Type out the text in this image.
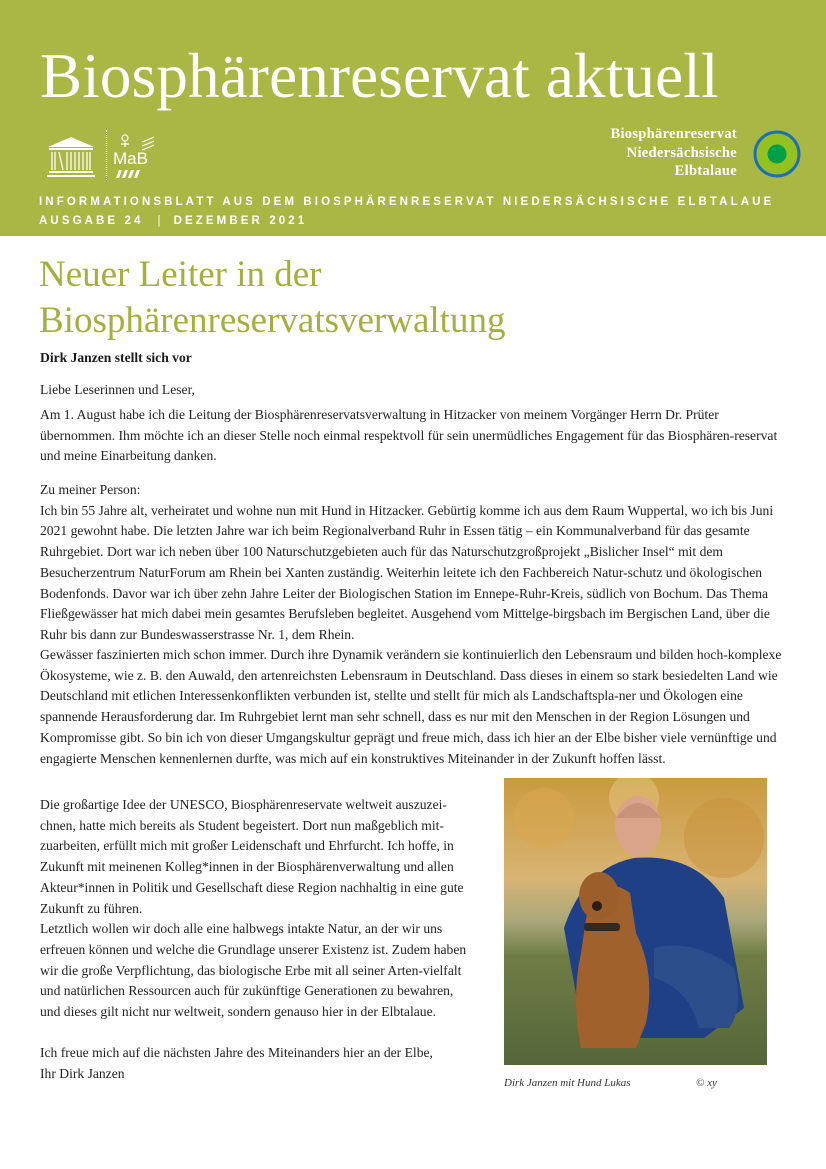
Biosphärenreservat aktuell
MaB
Biosphärenreservat
Niedersächsische
Elbtalaue
INFORMATIONSBLATT AUS DEM BIOSPHÄRENRESERVAT NIEDERSÄCHSISCHE ELBTALAUE
AUSGABE 24 | DEZEMBER 2021
Neuer Leiter in der
Biosphärenreservatsverwaltung

Dirk Janzen stellt sich vor

Liebe Leserinnen und Leser,

Am 1. August habe ich die Leitung der Biosphärenreservatsverwaltung in Hitzacker von meinem Vorgänger Herrn Dr. Prüter übernommen. Ihm möchte ich an dieser Stelle noch einmal respektvoll für sein unermüdliches Engagement für das Biosphären-reservat und meine Einarbeitung danken.

Zu meiner Person:
Ich bin 55 Jahre alt, verheiratet und wohne nun mit Hund in Hitzacker. Gebürtig komme ich aus dem Raum Wuppertal, wo ich bis Juni 2021 gewohnt habe. Die letzten Jahre war ich beim Regionalverband Ruhr in Essen tätig – ein Kommunalverband für das gesamte Ruhrgebiet. Dort war ich neben über 100 Naturschutzgebieten auch für das Naturschutzgroßprojekt „Bislicher Insel“ mit dem Besucherzentrum NaturForum am Rhein bei Xanten zuständig. Weiterhin leitete ich den Fachbereich Natur-schutz und ökologischen Bodenfonds. Davor war ich über zehn Jahre Leiter der Biologischen Station im Ennepe-Ruhr-Kreis, südlich von Bochum. Das Thema Fließgewässer hat mich dabei mein gesamtes Berufsleben begleitet. Ausgehend vom Mittelge-birgsbach im Bergischen Land, über die Ruhr bis dann zur Bundeswasserstrasse Nr. 1, dem Rhein.

Gewässer faszinierten mich schon immer. Durch ihre Dynamik verändern sie kontinuierlich den Lebensraum und bilden hoch-komplexe Ökosysteme, wie z. B. den Auwald, den artenreichsten Lebensraum in Deutschland. Dass dieses in einem so stark besiedelten Land wie Deutschland mit etlichen Interessenkonflikten verbunden ist, stellte und stellt für mich als Landschaftspla-ner und Ökologen eine spannende Herausforderung dar. Im Ruhrgebiet lernt man sehr schnell, dass es nur mit den Menschen in der Region Lösungen und Kompromisse gibt. So bin ich von dieser Umgangskultur geprägt und freue mich, dass ich hier an der Elbe bisher viele vernünftige und engagierte Menschen kennenlernen durfte, was mich auf ein konstruktives Miteinander in der Zukunft hoffen lässt.

Die großartige Idee der UNESCO, Biosphärenreservate weltweit auszuzei-chnen, hatte mich bereits als Student begeistert. Dort nun maßgeblich mit-zuarbeiten, erfüllt mich mit großer Leidenschaft und Ehrfurcht. Ich hoffe, in Zukunft mit meinenen Kolleg*innen in der Biosphärenverwaltung und allen Akteur*innen in Politik und Gesellschaft diese Region nachhaltig in eine gute Zukunft zu führen.
Letztlich wollen wir doch alle eine halbwegs intakte Natur, an der wir uns erfreuen können und welche die Grundlage unserer Existenz ist. Zudem haben wir die große Verpflichtung, das biologische Erbe mit all seiner Arten-vielfalt und natürlichen Ressourcen auch für zukünftige Generationen zu bewahren, und dieses gilt nicht nur weltweit, sondern genauso hier in der Elbtalaue.
Ich freue mich auf die nächsten Jahre des Miteinanders hier an der Elbe,
Ihr Dirk Janzen
Dirk Janzen mit Hund Lukas	© xy
